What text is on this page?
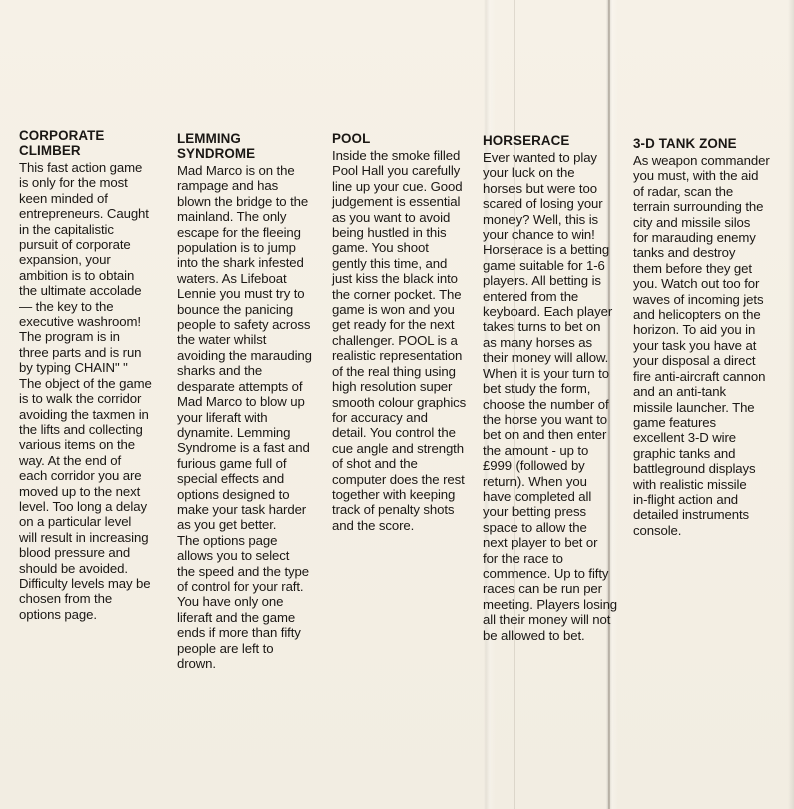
CORPORATE CLIMBER
This fast action game
is only for the most
keen minded of
entrepreneurs. Caught
in the capitalistic
pursuit of corporate
expansion, your
ambition is to obtain
the ultimate accolade
— the key to the
executive washroom!
The program is in
three parts and is run
by typing CHAIN" "
The object of the game
is to walk the corridor
avoiding the taxmen in
the lifts and collecting
various items on the
way. At the end of
each corridor you are
moved up to the next
level. Too long a delay
on a particular level
will result in increasing
blood pressure and
should be avoided.
Difficulty levels may be
chosen from the
options page.
LEMMING SYNDROME
Mad Marco is on the
rampage and has
blown the bridge to the
mainland. The only
escape for the fleeing
population is to jump
into the shark infested
waters. As Lifeboat
Lennie you must try to
bounce the panicing
people to safety across
the water whilst
avoiding the marauding
sharks and the
desparate attempts of
Mad Marco to blow up
your liferaft with
dynamite. Lemming
Syndrome is a fast and
furious game full of
special effects and
options designed to
make your task harder
as you get better.
The options page
allows you to select
the speed and the type
of control for your raft.
You have only one
liferaft and the game
ends if more than fifty
people are left to
drown.
POOL
Inside the smoke filled
Pool Hall you carefully
line up your cue. Good
judgement is essential
as you want to avoid
being hustled in this
game. You shoot
gently this time, and
just kiss the black into
the corner pocket. The
game is won and you
get ready for the next
challenger. POOL is a
realistic representation
of the real thing using
high resolution super
smooth colour graphics
for accuracy and
detail. You control the
cue angle and strength
of shot and the
computer does the rest
together with keeping
track of penalty shots
and the score.
HORSERACE
Ever wanted to play
your luck on the
horses but were too
scared of losing your
money? Well, this is
your chance to win!
Horserace is a betting
game suitable for 1-6
players. All betting is
entered from the
keyboard. Each player
takes turns to bet on
as many horses as
their money will allow.
When it is your turn to
bet study the form,
choose the number of
the horse you want to
bet on and then enter
the amount - up to
£999 (followed by
return). When you
have completed all
your betting press
space to allow the
next player to bet or
for the race to
commence. Up to fifty
races can be run per
meeting. Players losing
all their money will not
be allowed to bet.
3-D TANK ZONE
As weapon commander
you must, with the aid
of radar, scan the
terrain surrounding the
city and missile silos
for marauding enemy
tanks and destroy
them before they get
you. Watch out too for
waves of incoming jets
and helicopters on the
horizon. To aid you in
your task you have at
your disposal a direct
fire anti-aircraft cannon
and an anti-tank
missile launcher. The
game features
excellent 3-D wire
graphic tanks and
battleground displays
with realistic missile
in-flight action and
detailed instruments
console.
